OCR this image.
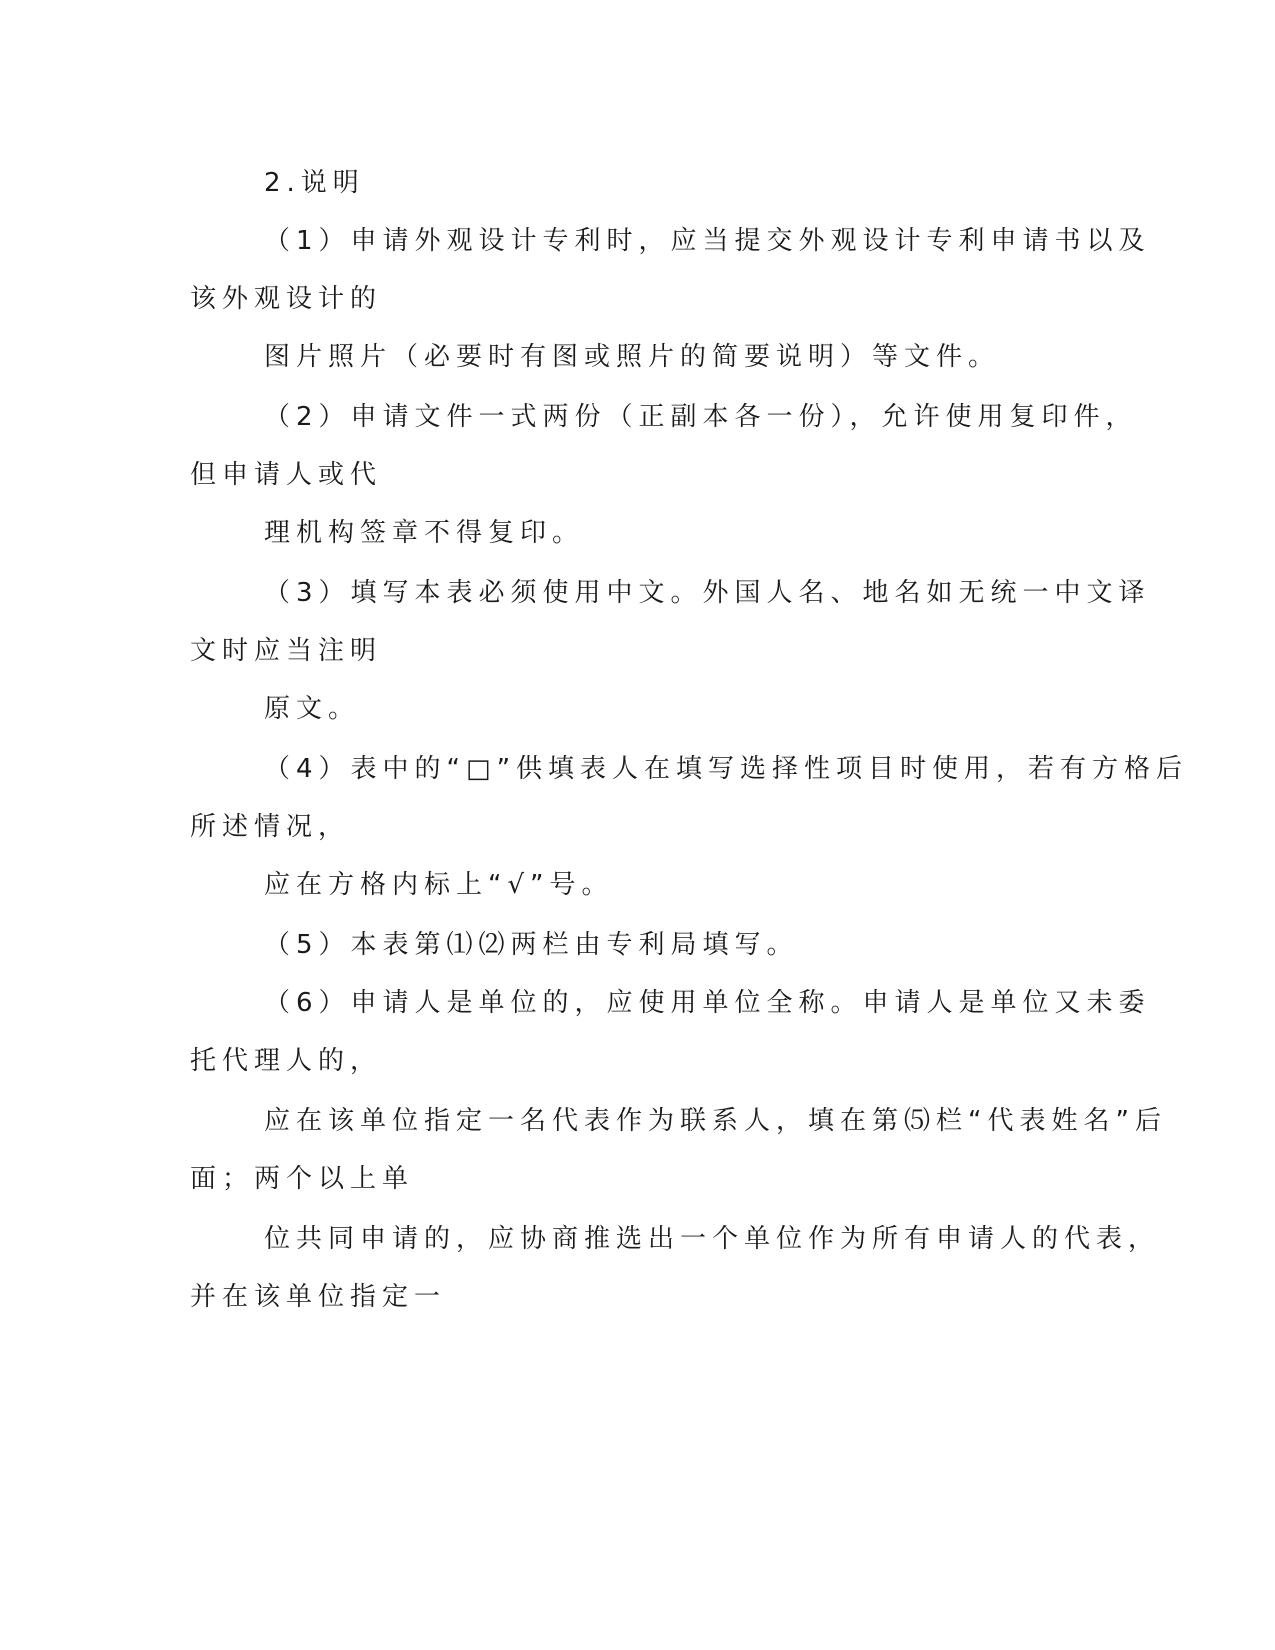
2.说明
（1）申请外观设计专利时，应当提交外观设计专利申请书以及
该外观设计的
图片照片（必要时有图或照片的简要说明）等文件。
（2）申请文件一式两份（正副本各一份），允许使用复印件，
但申请人或代
理机构签章不得复印。
（3）填写本表必须使用中文。外国人名、地名如无统一中文译
文时应当注明
原文。
（4）表中的“□”供填表人在填写选择性项目时使用，若有方格后
所述情况，
应在方格内标上“√”号。
（5）本表第⑴⑵两栏由专利局填写。
（6）申请人是单位的，应使用单位全称。申请人是单位又未委
托代理人的，
应在该单位指定一名代表作为联系人，填在第⑸栏“代表姓名”后
面；两个以上单
位共同申请的，应协商推选出一个单位作为所有申请人的代表，
并在该单位指定一
